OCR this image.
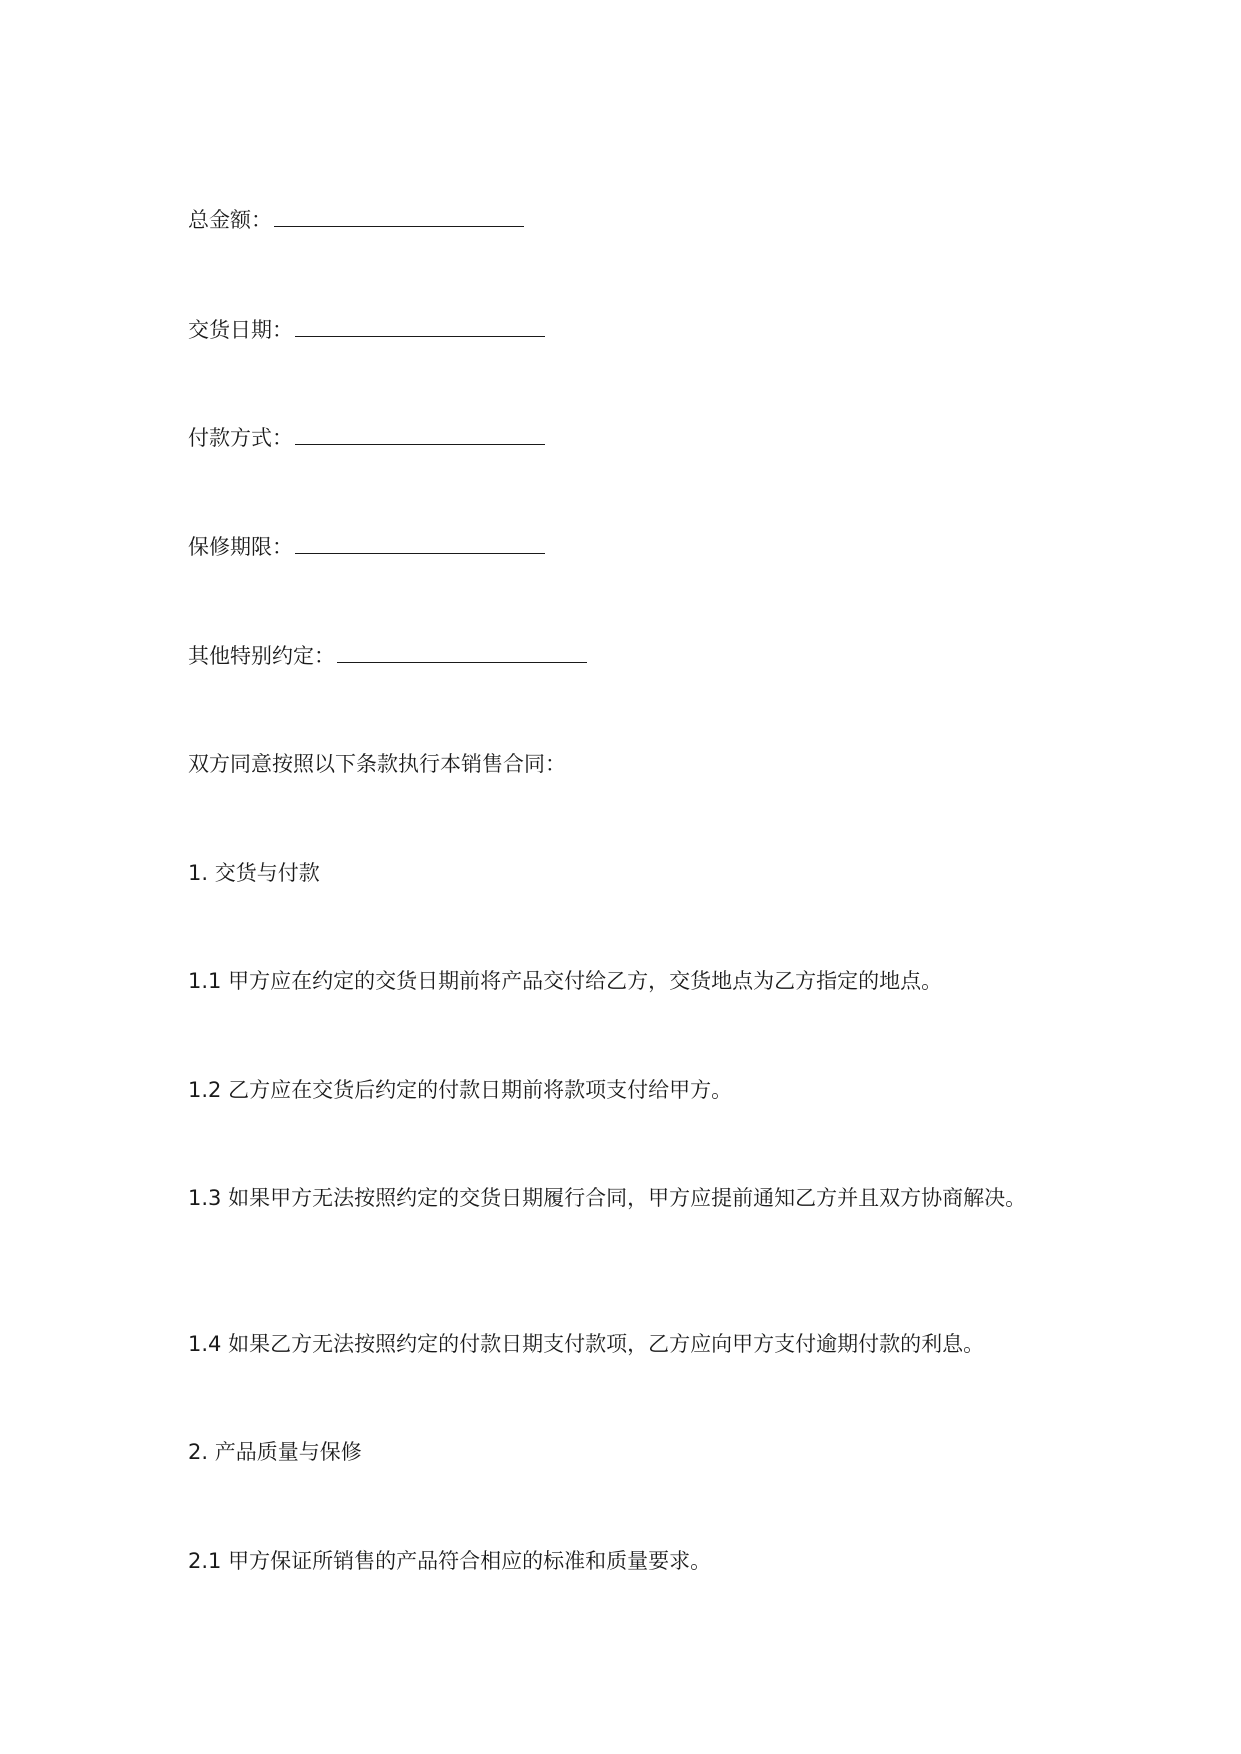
总金额：
交货日期：
付款方式：
保修期限：
其他特别约定：
双方同意按照以下条款执行本销售合同：
1. 交货与付款
1.1 甲方应在约定的交货日期前将产品交付给乙方，交货地点为乙方指定的地点。
1.2 乙方应在交货后约定的付款日期前将款项支付给甲方。
1.3 如果甲方无法按照约定的交货日期履行合同，甲方应提前通知乙方并且双方协商解决。
1.4 如果乙方无法按照约定的付款日期支付款项，乙方应向甲方支付逾期付款的利息。
2. 产品质量与保修
2.1 甲方保证所销售的产品符合相应的标准和质量要求。
